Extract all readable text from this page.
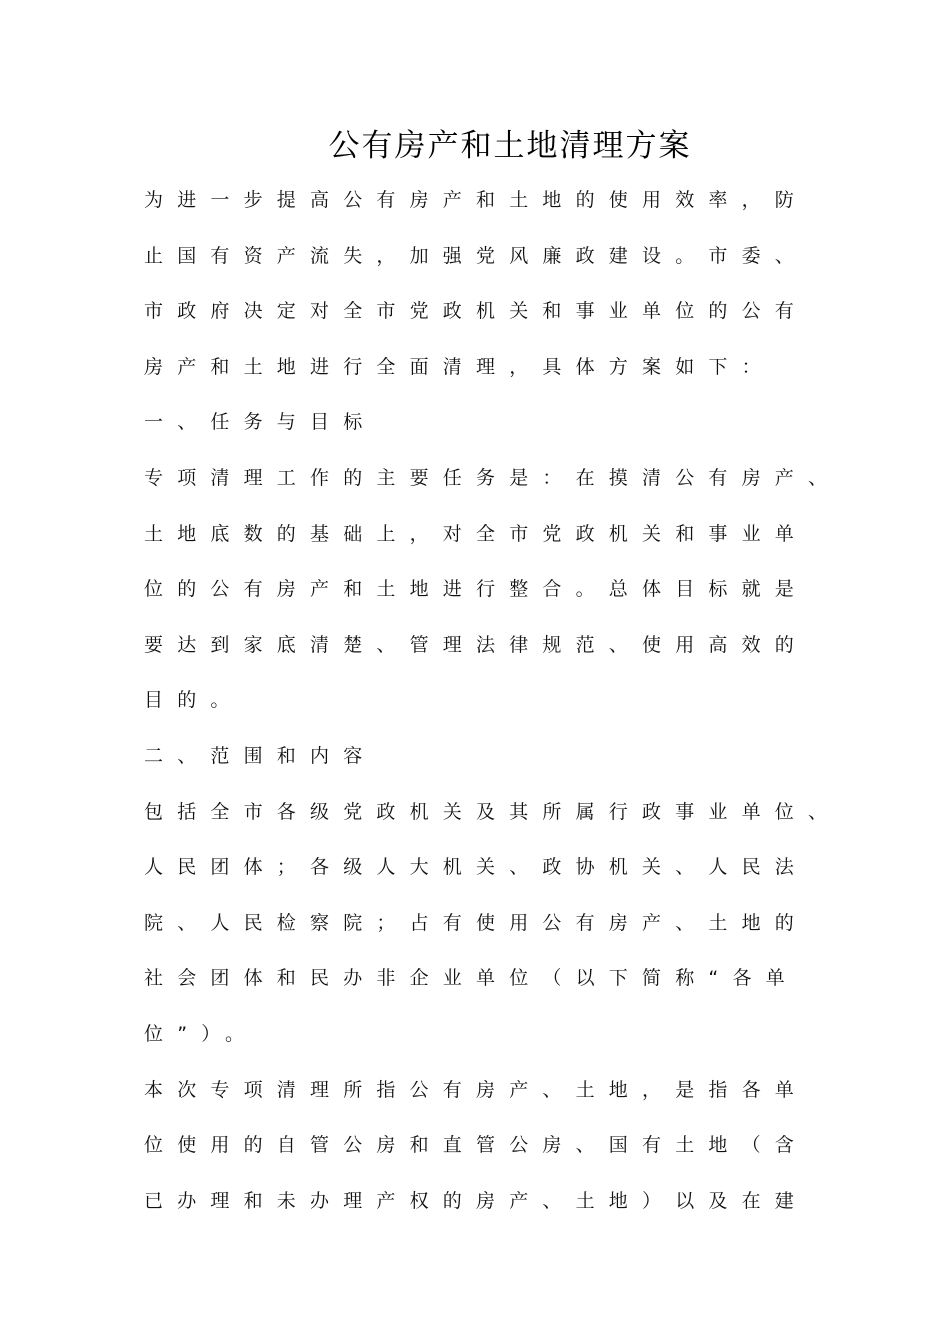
公有房产和土地清理方案
为进一步提高公有房产和土地的使用效率，防
止国有资产流失，加强党风廉政建设。市委、
市政府决定对全市党政机关和事业单位的公有
房产和土地进行全面清理，具体方案如下：
一、任务与目标
专项清理工作的主要任务是：在摸清公有房产、
土地底数的基础上，对全市党政机关和事业单
位的公有房产和土地进行整合。总体目标就是
要达到家底清楚、管理法律规范、使用高效的
目的。
二、范围和内容
包括全市各级党政机关及其所属行政事业单位、
人民团体；各级人大机关、政协机关、人民法
院、人民检察院；占有使用公有房产、土地的
社会团体和民办非企业单位（以下简称“各单
位”）。
本次专项清理所指公有房产、土地，是指各单
位使用的自管公房和直管公房、国有土地（含
已办理和未办理产权的房产、土地）以及在建
